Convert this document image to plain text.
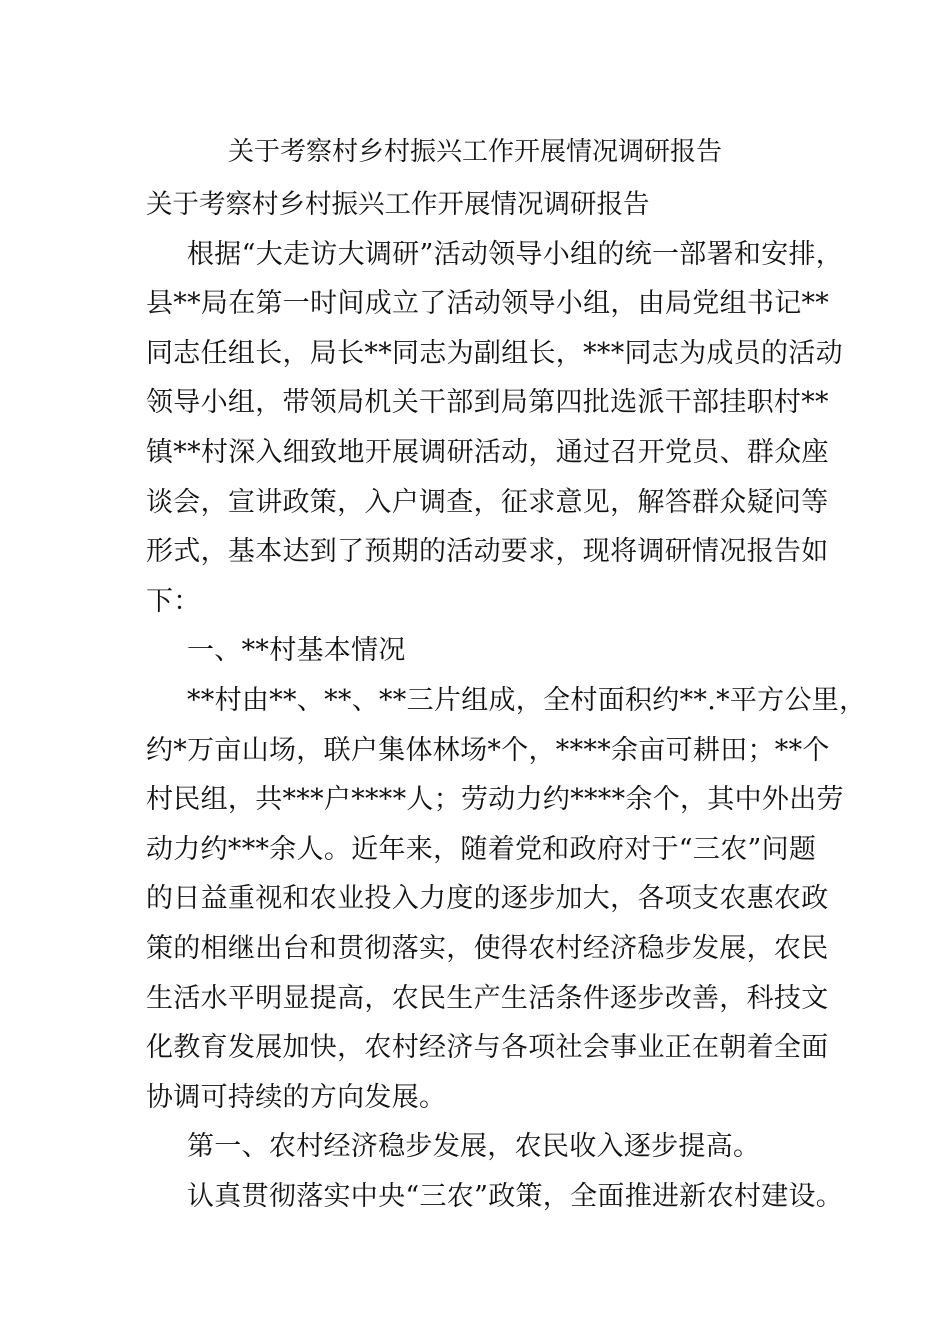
关于考察村乡村振兴工作开展情况调研报告
关于考察村乡村振兴工作开展情况调研报告
根据“大走访大调研”活动领导小组的统一部署和安排，
县**局在第一时间成立了活动领导小组，由局党组书记**
同志任组长，局长**同志为副组长，***同志为成员的活动
领导小组，带领局机关干部到局第四批选派干部挂职村**
镇**村深入细致地开展调研活动，通过召开党员、群众座
谈会，宣讲政策，入户调查，征求意见，解答群众疑问等
形式，基本达到了预期的活动要求，现将调研情况报告如
下：
一、**村基本情况
**村由**、**、**三片组成，全村面积约**.*平方公里，
约*万亩山场，联户集体林场*个，****余亩可耕田；**个
村民组，共***户****人；劳动力约****余个，其中外出劳
动力约***余人。近年来，随着党和政府对于“三农”问题
的日益重视和农业投入力度的逐步加大，各项支农惠农政
策的相继出台和贯彻落实，使得农村经济稳步发展，农民
生活水平明显提高，农民生产生活条件逐步改善，科技文
化教育发展加快，农村经济与各项社会事业正在朝着全面
协调可持续的方向发展。
第一、农村经济稳步发展，农民收入逐步提高。
认真贯彻落实中央“三农”政策，全面推进新农村建设。
